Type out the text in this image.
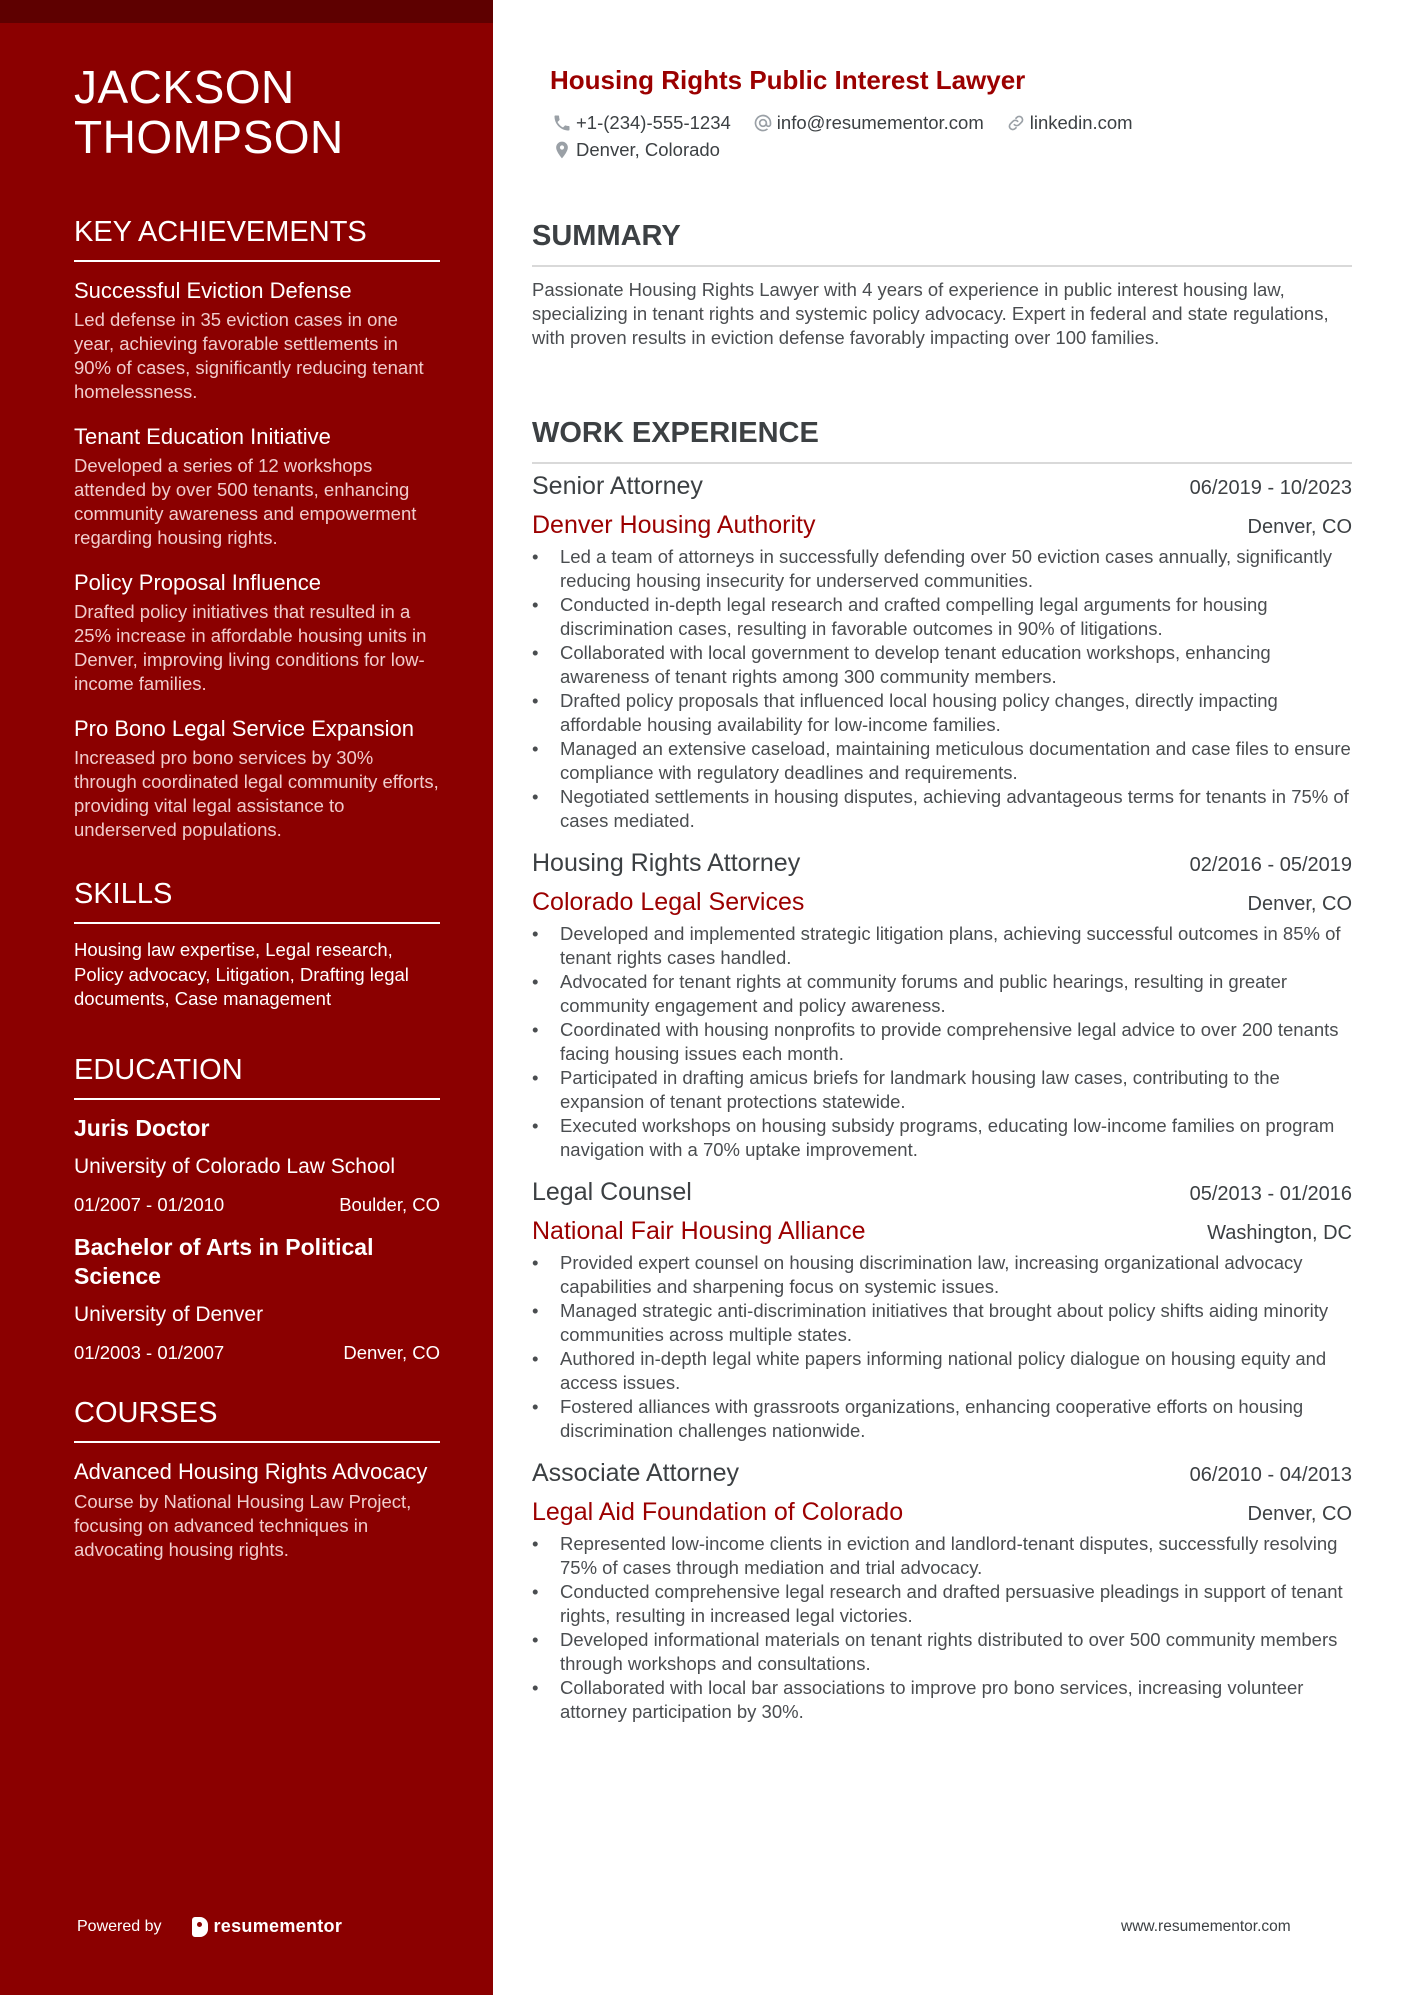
JACKSON
THOMPSON
KEY ACHIEVEMENTS
Successful Eviction Defense
Led defense in 35 eviction cases in one year, achieving favorable settlements in 90% of cases, significantly reducing tenant homelessness.
Tenant Education Initiative
Developed a series of 12 workshops attended by over 500 tenants, enhancing community awareness and empowerment regarding housing rights.
Policy Proposal Influence
Drafted policy initiatives that resulted in a 25% increase in affordable housing units in Denver, improving living conditions for low-income families.
Pro Bono Legal Service Expansion
Increased pro bono services by 30% through coordinated legal community efforts, providing vital legal assistance to underserved populations.
SKILLS

Housing law expertise, Legal research, Policy advocacy, Litigation, Drafting legal documents, Case management

EDUCATION
Juris Doctor
University of Colorado Law School
01/2007 - 01/2010	Boulder, CO
Bachelor of Arts in Political Science
University of Denver
01/2003 - 01/2007	Denver, CO
COURSES
Advanced Housing Rights Advocacy
Course by National Housing Law Project, focusing on advanced techniques in advocating housing rights.
Powered by	resumementor
Housing Rights Public Interest Lawyer
+1-(234)-555-1234 info@resumementor.com linkedin.com
Denver, Colorado
SUMMARY

Passionate Housing Rights Lawyer with 4 years of experience in public interest housing law, specializing in tenant rights and systemic policy advocacy. Expert in federal and state regulations, with proven results in eviction defense favorably impacting over 100 families.

WORK EXPERIENCE
Senior Attorney	06/2019 - 10/2023
Denver Housing Authority	Denver, CO
• Led a team of attorneys in successfully defending over 50 eviction cases annually, significantly reducing housing insecurity for underserved communities.
• Conducted in-depth legal research and crafted compelling legal arguments for housing discrimination cases, resulting in favorable outcomes in 90% of litigations.
• Collaborated with local government to develop tenant education workshops, enhancing awareness of tenant rights among 300 community members.
• Drafted policy proposals that influenced local housing policy changes, directly impacting affordable housing availability for low-income families.
• Managed an extensive caseload, maintaining meticulous documentation and case files to ensure compliance with regulatory deadlines and requirements.
• Negotiated settlements in housing disputes, achieving advantageous terms for tenants in 75% of cases mediated.
Housing Rights Attorney	02/2016 - 05/2019
Colorado Legal Services	Denver, CO
• Developed and implemented strategic litigation plans, achieving successful outcomes in 85% of tenant rights cases handled.
• Advocated for tenant rights at community forums and public hearings, resulting in greater community engagement and policy awareness.
• Coordinated with housing nonprofits to provide comprehensive legal advice to over 200 tenants facing housing issues each month.
• Participated in drafting amicus briefs for landmark housing law cases, contributing to the expansion of tenant protections statewide.
• Executed workshops on housing subsidy programs, educating low-income families on program navigation with a 70% uptake improvement.
Legal Counsel	05/2013 - 01/2016
National Fair Housing Alliance	Washington, DC
• Provided expert counsel on housing discrimination law, increasing organizational advocacy capabilities and sharpening focus on systemic issues.
• Managed strategic anti-discrimination initiatives that brought about policy shifts aiding minority communities across multiple states.
• Authored in-depth legal white papers informing national policy dialogue on housing equity and access issues.
• Fostered alliances with grassroots organizations, enhancing cooperative efforts on housing discrimination challenges nationwide.
Associate Attorney	06/2010 - 04/2013
Legal Aid Foundation of Colorado	Denver, CO
• Represented low-income clients in eviction and landlord-tenant disputes, successfully resolving 75% of cases through mediation and trial advocacy.
• Conducted comprehensive legal research and drafted persuasive pleadings in support of tenant rights, resulting in increased legal victories.
• Developed informational materials on tenant rights distributed to over 500 community members through workshops and consultations.
• Collaborated with local bar associations to improve pro bono services, increasing volunteer attorney participation by 30%.
www.resumementor.com
